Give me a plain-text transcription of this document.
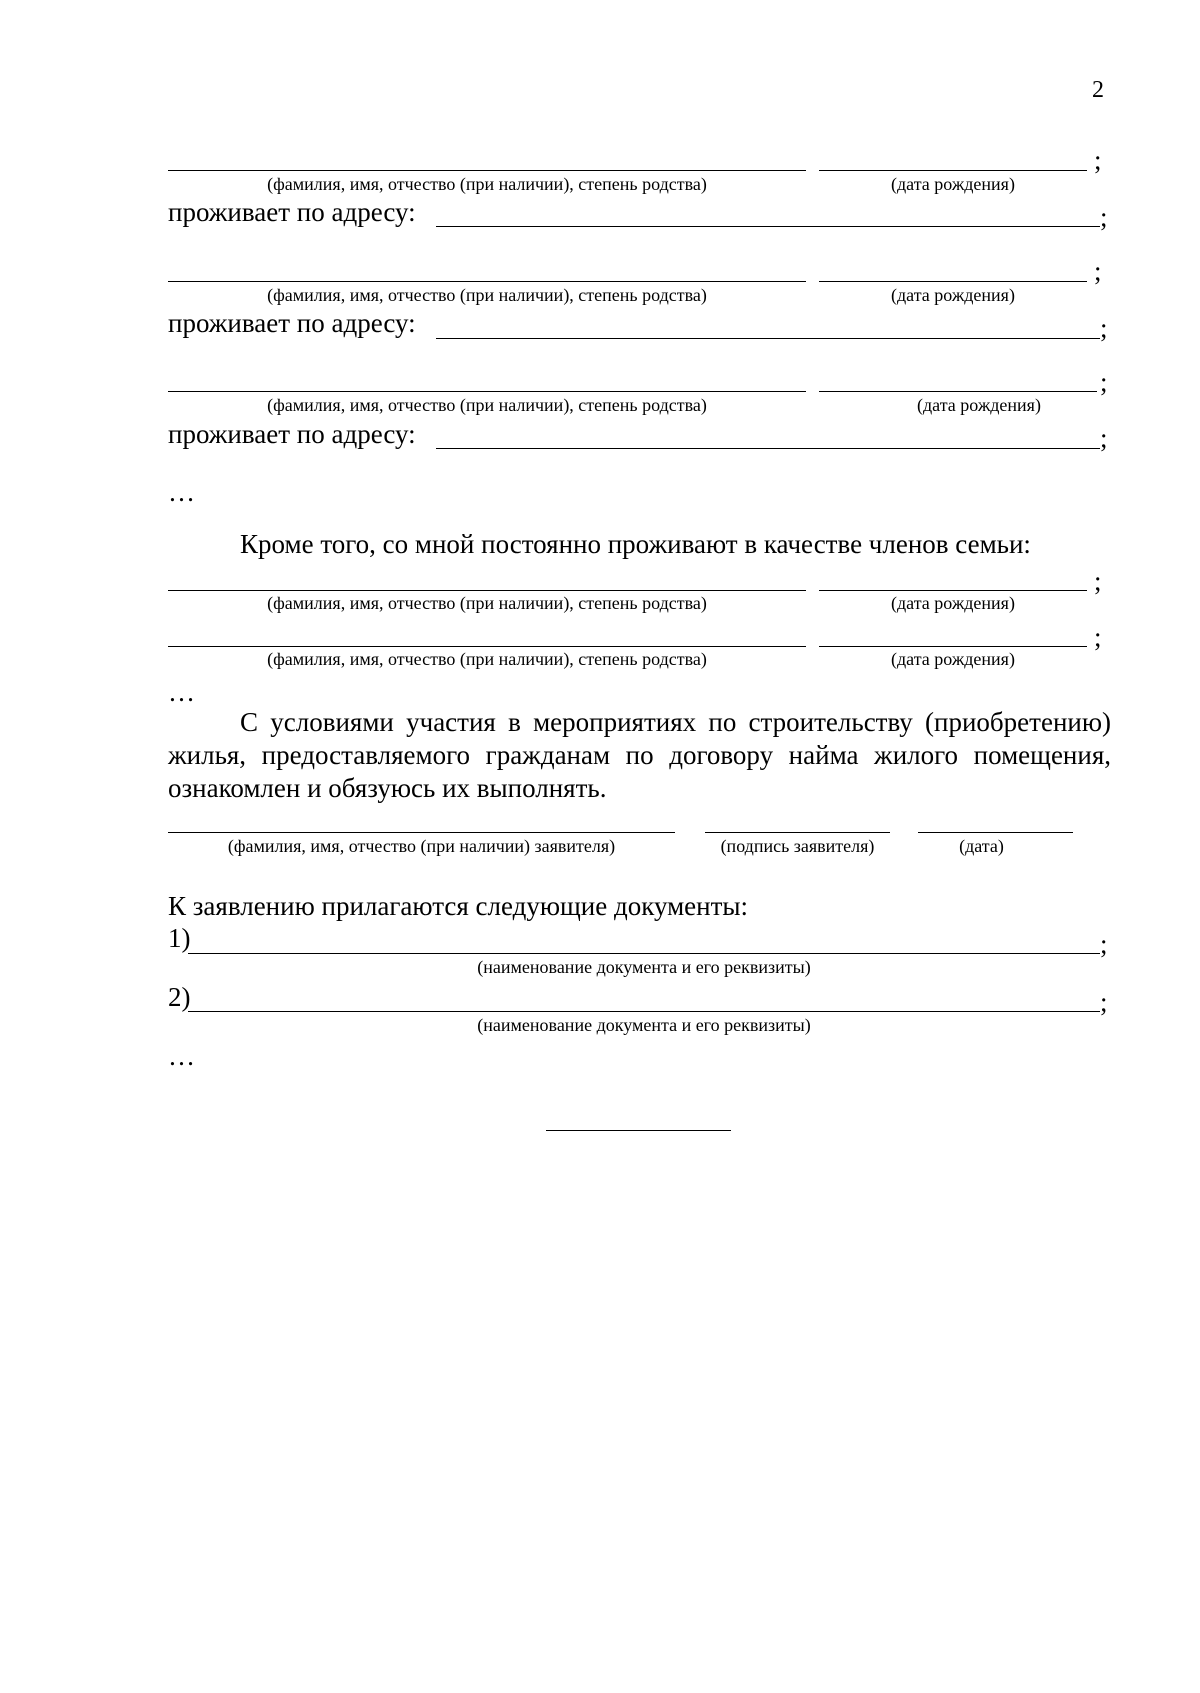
2
;
(фамилия, имя, отчество (при наличии), степень родства)	(дата рождения)
проживает по адресу:	;
;
(фамилия, имя, отчество (при наличии), степень родства)	(дата рождения)
проживает по адресу:	;
;
(фамилия, имя, отчество (при наличии), степень родства)	(дата рождения)
проживает по адресу:	;
…
Кроме того, со мной постоянно проживают в качестве членов семьи:
;
(фамилия, имя, отчество (при наличии), степень родства)	(дата рождения)
;
(фамилия, имя, отчество (при наличии), степень родства)	(дата рождения)
…
С условиями участия в мероприятиях по строительству (приобретению) жилья, предоставляемого гражданам по договору найма жилого помещения, ознакомлен и обязуюсь их выполнять.
(фамилия, имя, отчество (при наличии) заявителя)	(подпись заявителя)	(дата)
К заявлению прилагаются следующие документы:
1)	;
(наименование документа и его реквизиты)
2)	;
(наименование документа и его реквизиты)
…
